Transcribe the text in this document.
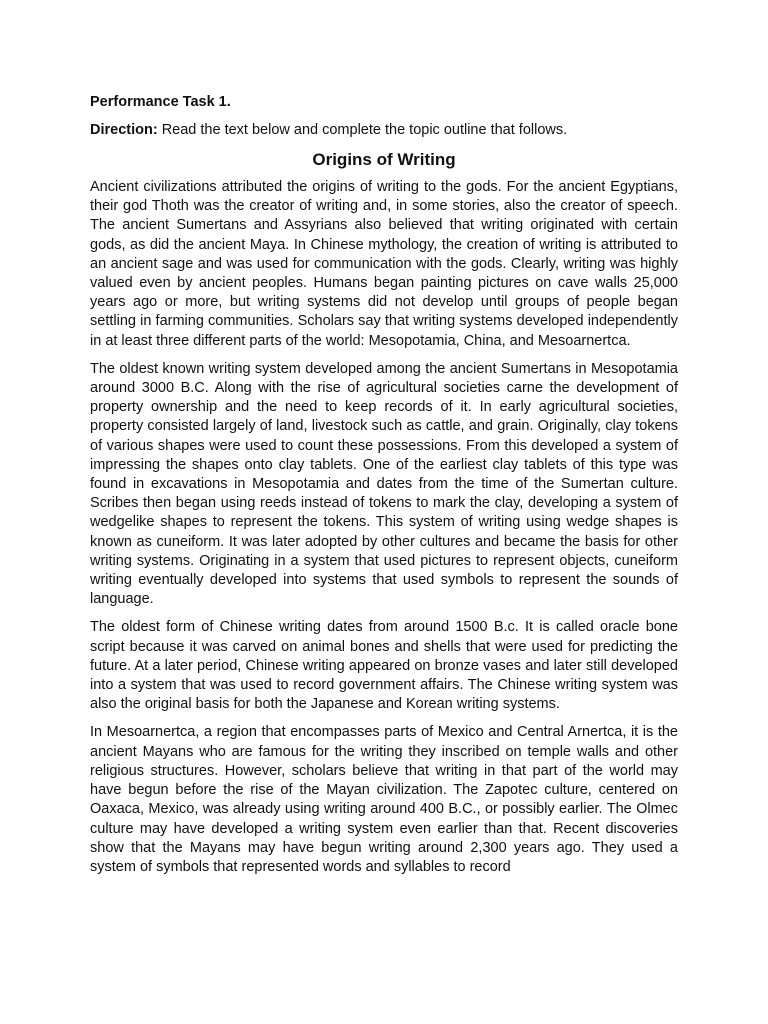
Performance Task 1.

Direction: Read the text below and complete the topic outline that follows.

Origins of Writing

Ancient civilizations attributed the origins of writing to the gods. For the ancient Egyptians, their god Thoth was the creator of writing and, in some stories, also the creator of speech. The ancient Sumertans and Assyrians also believed that writing originated with certain gods, as did the ancient Maya. In Chinese mythology, the creation of writing is attributed to an ancient sage and was used for communication with the gods. Clearly, writing was highly valued even by ancient peoples. Humans began painting pictures on cave walls 25,000 years ago or more, but writing systems did not develop until groups of people began settling in farming communities. Scholars say that writing systems developed independently in at least three different parts of the world: Mesopotamia, China, and Mesoarnertca.

The oldest known writing system developed among the ancient Sumertans in Mesopotamia around 3000 B.C. Along with the rise of agricultural societies carne the development of property ownership and the need to keep records of it. In early agricultural societies, property consisted largely of land, livestock such as cattle, and grain. Originally, clay tokens of various shapes were used to count these possessions. From this developed a system of impressing the shapes onto clay tablets. One of the earliest clay tablets of this type was found in excavations in Mesopotamia and dates from the time of the Sumertan culture. Scribes then began using reeds instead of tokens to mark the clay, developing a system of wedgelike shapes to represent the tokens. This system of writing using wedge shapes is known as cuneiform. It was later adopted by other cultures and became the basis for other writing systems. Originating in a system that used pictures to represent objects, cuneiform writing eventually developed into systems that used symbols to represent the sounds of language.

The oldest form of Chinese writing dates from around 1500 B.c. It is called oracle bone script because it was carved on animal bones and shells that were used for predicting the future. At a later period, Chinese writing appeared on bronze vases and later still developed into a system that was used to record government affairs. The Chinese writing system was also the original basis for both the Japanese and Korean writing systems.

In Mesoarnertca, a region that encompasses parts of Mexico and Central Arnertca, it is the ancient Mayans who are famous for the writing they inscribed on temple walls and other religious structures. However, scholars believe that writing in that part of the world may have begun before the rise of the Mayan civilization. The Zapotec culture, centered on Oaxaca, Mexico, was already using writing around 400 B.C., or possibly earlier. The Olmec culture may have developed a writing system even earlier than that. Recent discoveries show that the Mayans may have begun writing around 2,300 years ago. They used a system of symbols that represented words and syllables to record
